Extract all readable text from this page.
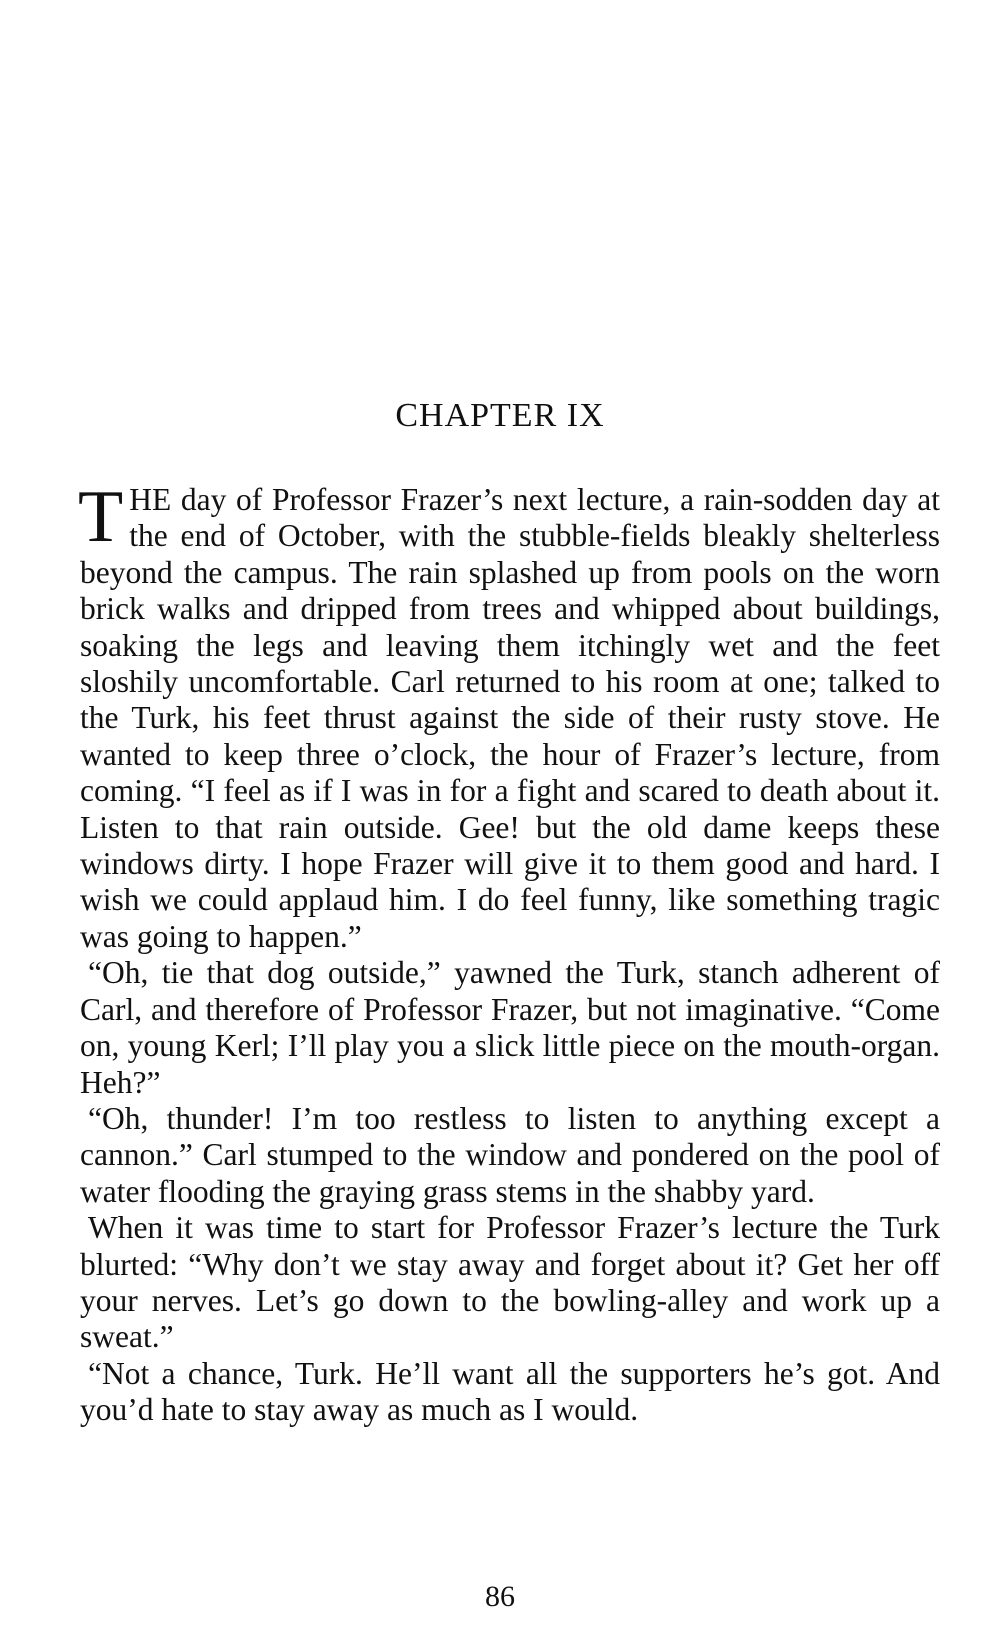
CHAPTER IX

THE day of Professor Frazer’s next lecture, a rain-sodden day at the end of October, with the stubble-fields bleakly shelterless beyond the campus. The rain splashed up from pools on the worn brick walks and dripped from trees and whipped about buildings, soaking the legs and leaving them itchingly wet and the feet sloshily uncomfortable. Carl returned to his room at one; talked to the Turk, his feet thrust against the side of their rusty stove. He wanted to keep three o’clock, the hour of Frazer’s lecture, from coming. “I feel as if I was in for a fight and scared to death about it. Listen to that rain outside. Gee! but the old dame keeps these windows dirty. I hope Frazer will give it to them good and hard. I wish we could applaud him. I do feel funny, like something tragic was going to happen.”

“Oh, tie that dog outside,” yawned the Turk, stanch adherent of Carl, and therefore of Professor Frazer, but not imaginative. “Come on, young Kerl; I’ll play you a slick little piece on the mouth-organ. Heh?”

“Oh, thunder! I’m too restless to listen to anything except a cannon.” Carl stumped to the window and pondered on the pool of water flooding the graying grass stems in the shabby yard.

When it was time to start for Professor Frazer’s lecture the Turk blurted: “Why don’t we stay away and forget about it? Get her off your nerves. Let’s go down to the bowling-alley and work up a sweat.”

“Not a chance, Turk. He’ll want all the supporters he’s got. And you’d hate to stay away as much as I would.

86
